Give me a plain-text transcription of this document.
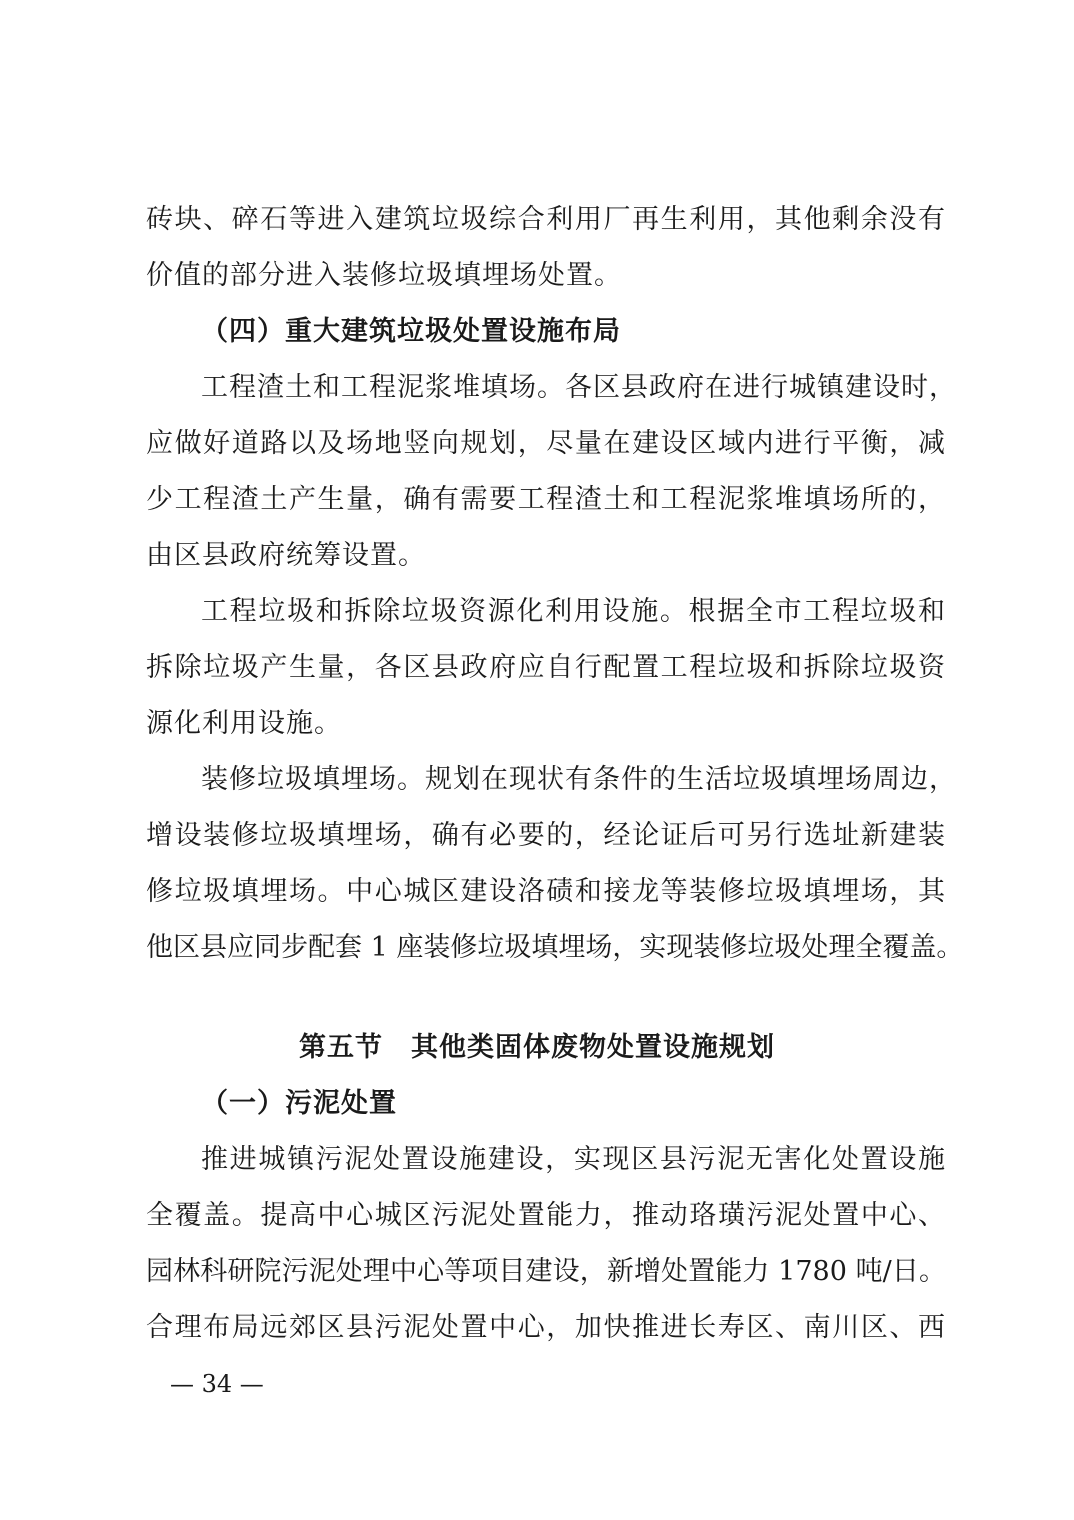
砖块、碎石等进入建筑垃圾综合利用厂再生利用，其他剩余没有
价值的部分进入装修垃圾填埋场处置。
（四）重大建筑垃圾处置设施布局
工程渣土和工程泥浆堆填场。各区县政府在进行城镇建设时，
应做好道路以及场地竖向规划，尽量在建设区域内进行平衡，减
少工程渣土产生量，确有需要工程渣土和工程泥浆堆填场所的，
由区县政府统筹设置。
工程垃圾和拆除垃圾资源化利用设施。根据全市工程垃圾和
拆除垃圾产生量，各区县政府应自行配置工程垃圾和拆除垃圾资
源化利用设施。
装修垃圾填埋场。规划在现状有条件的生活垃圾填埋场周边，
增设装修垃圾填埋场，确有必要的，经论证后可另行选址新建装
修垃圾填埋场。中心城区建设洛碛和接龙等装修垃圾填埋场，其
他区县应同步配套 1 座装修垃圾填埋场，实现装修垃圾处理全覆盖。
第五节　其他类固体废物处置设施规划
（一）污泥处置
推进城镇污泥处置设施建设，实现区县污泥无害化处置设施
全覆盖。提高中心城区污泥处置能力，推动珞璜污泥处置中心、
园林科研院污泥处理中心等项目建设，新增处置能力 1780 吨/日。
合理布局远郊区县污泥处置中心，加快推进长寿区、南川区、西
— 34 —
